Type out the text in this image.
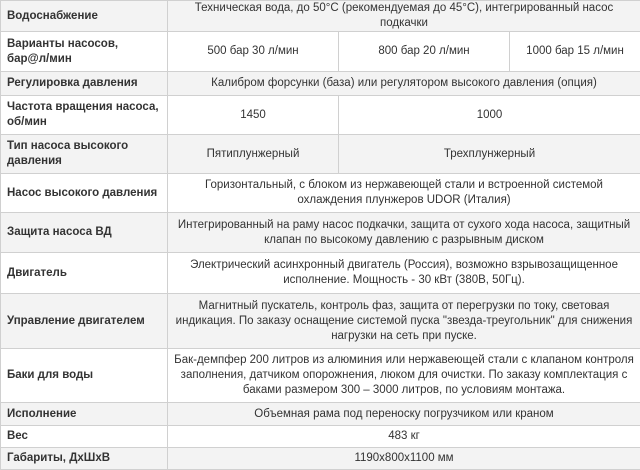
Водоснабжение	Техническая вода, до 50°С (рекомендуемая до 45°С), интегрированный насос подкачки		
Варианты насосов, бар@л/мин	500 бар 30 л/мин	800 бар 20 л/мин	1000 бар 15 л/мин
Регулировка давления	Калибром форсунки (база) или регулятором высокого давления (опция)		
Частота вращения насоса, об/мин	1450	1000	
Тип насоса высокого давления	Пятиплунжерный	Трехплунжерный	
Насос высокого давления	Горизонтальный, с блоком из нержавеющей стали и встроенной системой охлаждения плунжеров UDOR (Италия)		
Защита насоса ВД	Интегрированный на раму насос подкачки, защита от сухого хода насоса, защитный клапан по высокому давлению с разрывным диском		
Двигатель	Электрический асинхронный двигатель (Россия), возможно взрывозащищенное исполнение. Мощность - 30 кВт (380В, 50Гц).		
Управление двигателем	Магнитный пускатель, контроль фаз, защита от перегрузки по току, световая индикация. По заказу оснащение системой пуска "звезда-треугольник" для снижения нагрузки на сеть при пуске.		
Баки для воды	Бак-демпфер 200 литров из алюминия или нержавеющей стали с клапаном контроля заполнения, датчиком опорожнения, люком для очистки. По заказу комплектация с баками размером 300 – 3000 литров, по условиям монтажа.		
Исполнение	Объемная рама под переноску погрузчиком или краном		
Вес	483 кг		
Габариты, ДхШхВ	1190х800х1100 мм		
